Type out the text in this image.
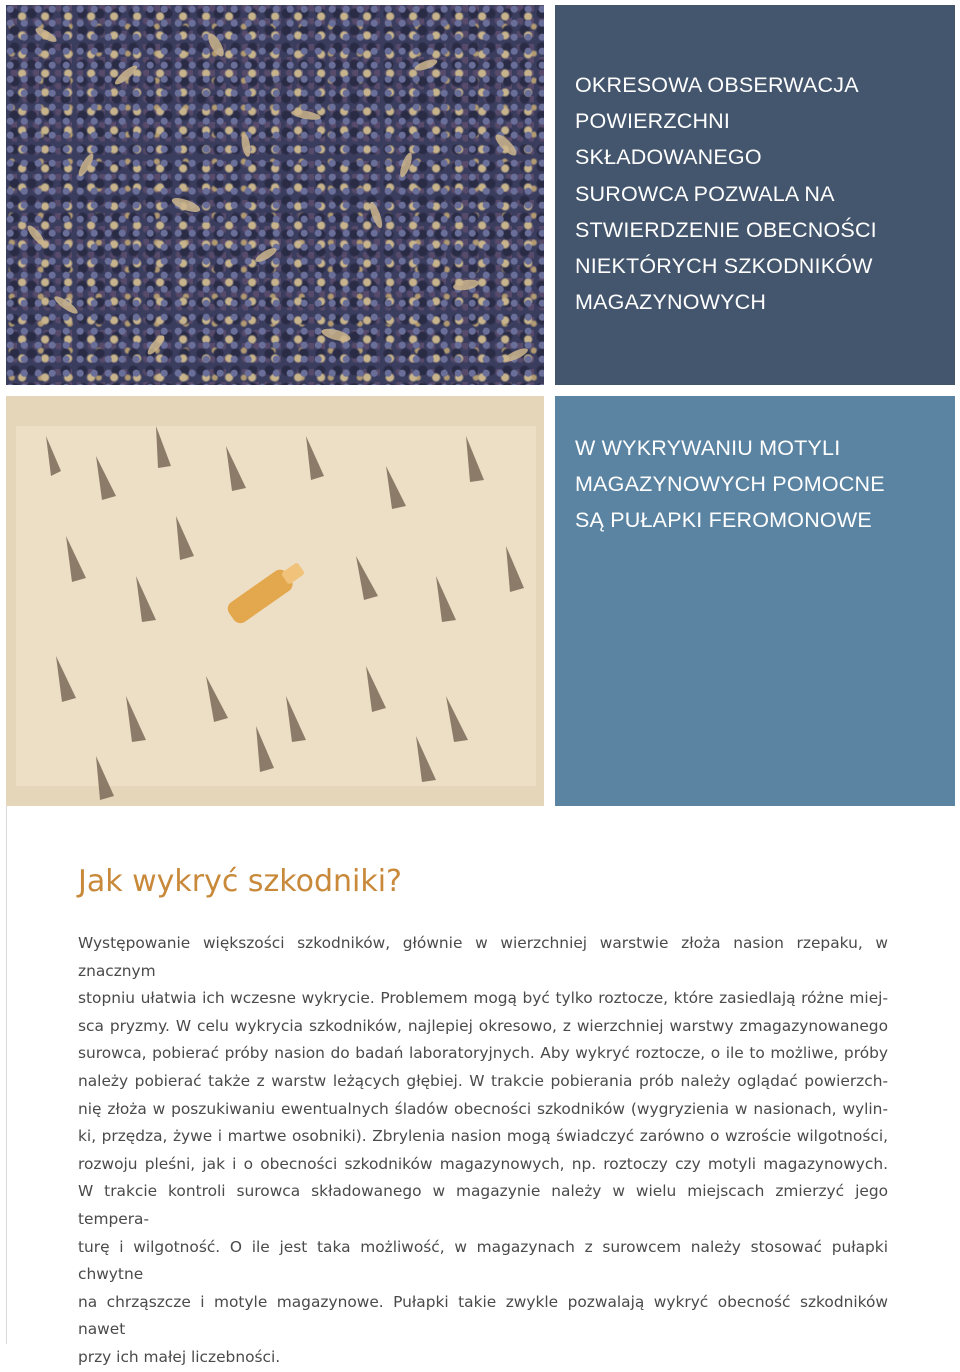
OKRESOWA OBSERWACJA
POWIERZCHNI
SKŁADOWANEGO
SUROWCA POZWALA NA
STWIERDZENIE OBECNOŚCI
NIEKTÓRYCH SZKODNIKÓW
MAGAZYNOWYCH

W WYKRYWANIU MOTYLI
MAGAZYNOWYCH POMOCNE
SĄ PUŁAPKI FEROMONOWE

Jak wykryć szkodniki?

Występowanie większości szkodników, głównie w wierzchniej warstwie złoża nasion rzepaku, w znacznym
stopniu ułatwia ich wczesne wykrycie. Problemem mogą być tylko roztocze, które zasiedlają różne miej-
sca pryzmy. W celu wykrycia szkodników, najlepiej okresowo, z wierzchniej warstwy zmagazynowanego
surowca, pobierać próby nasion do badań laboratoryjnych. Aby wykryć roztocze, o ile to możliwe, próby
należy pobierać także z warstw leżących głębiej. W trakcie pobierania prób należy oglądać powierzch-
nię złoża w poszukiwaniu ewentualnych śladów obecności szkodników (wygryzienia w nasionach, wylin-
ki, przędza, żywe i martwe osobniki). Zbrylenia nasion mogą świadczyć zarówno o wzroście wilgotności,
rozwoju pleśni, jak i o obecności szkodników magazynowych, np. roztoczy czy motyli magazynowych.
W trakcie kontroli surowca składowanego w magazynie należy w wielu miejscach zmierzyć jego tempera-
turę i wilgotność. O ile jest taka możliwość, w magazynach z surowcem należy stosować pułapki chwytne
na chrząszcze i motyle magazynowe. Pułapki takie zwykle pozwalają wykryć obecność szkodników nawet
przy ich małej liczebności.
